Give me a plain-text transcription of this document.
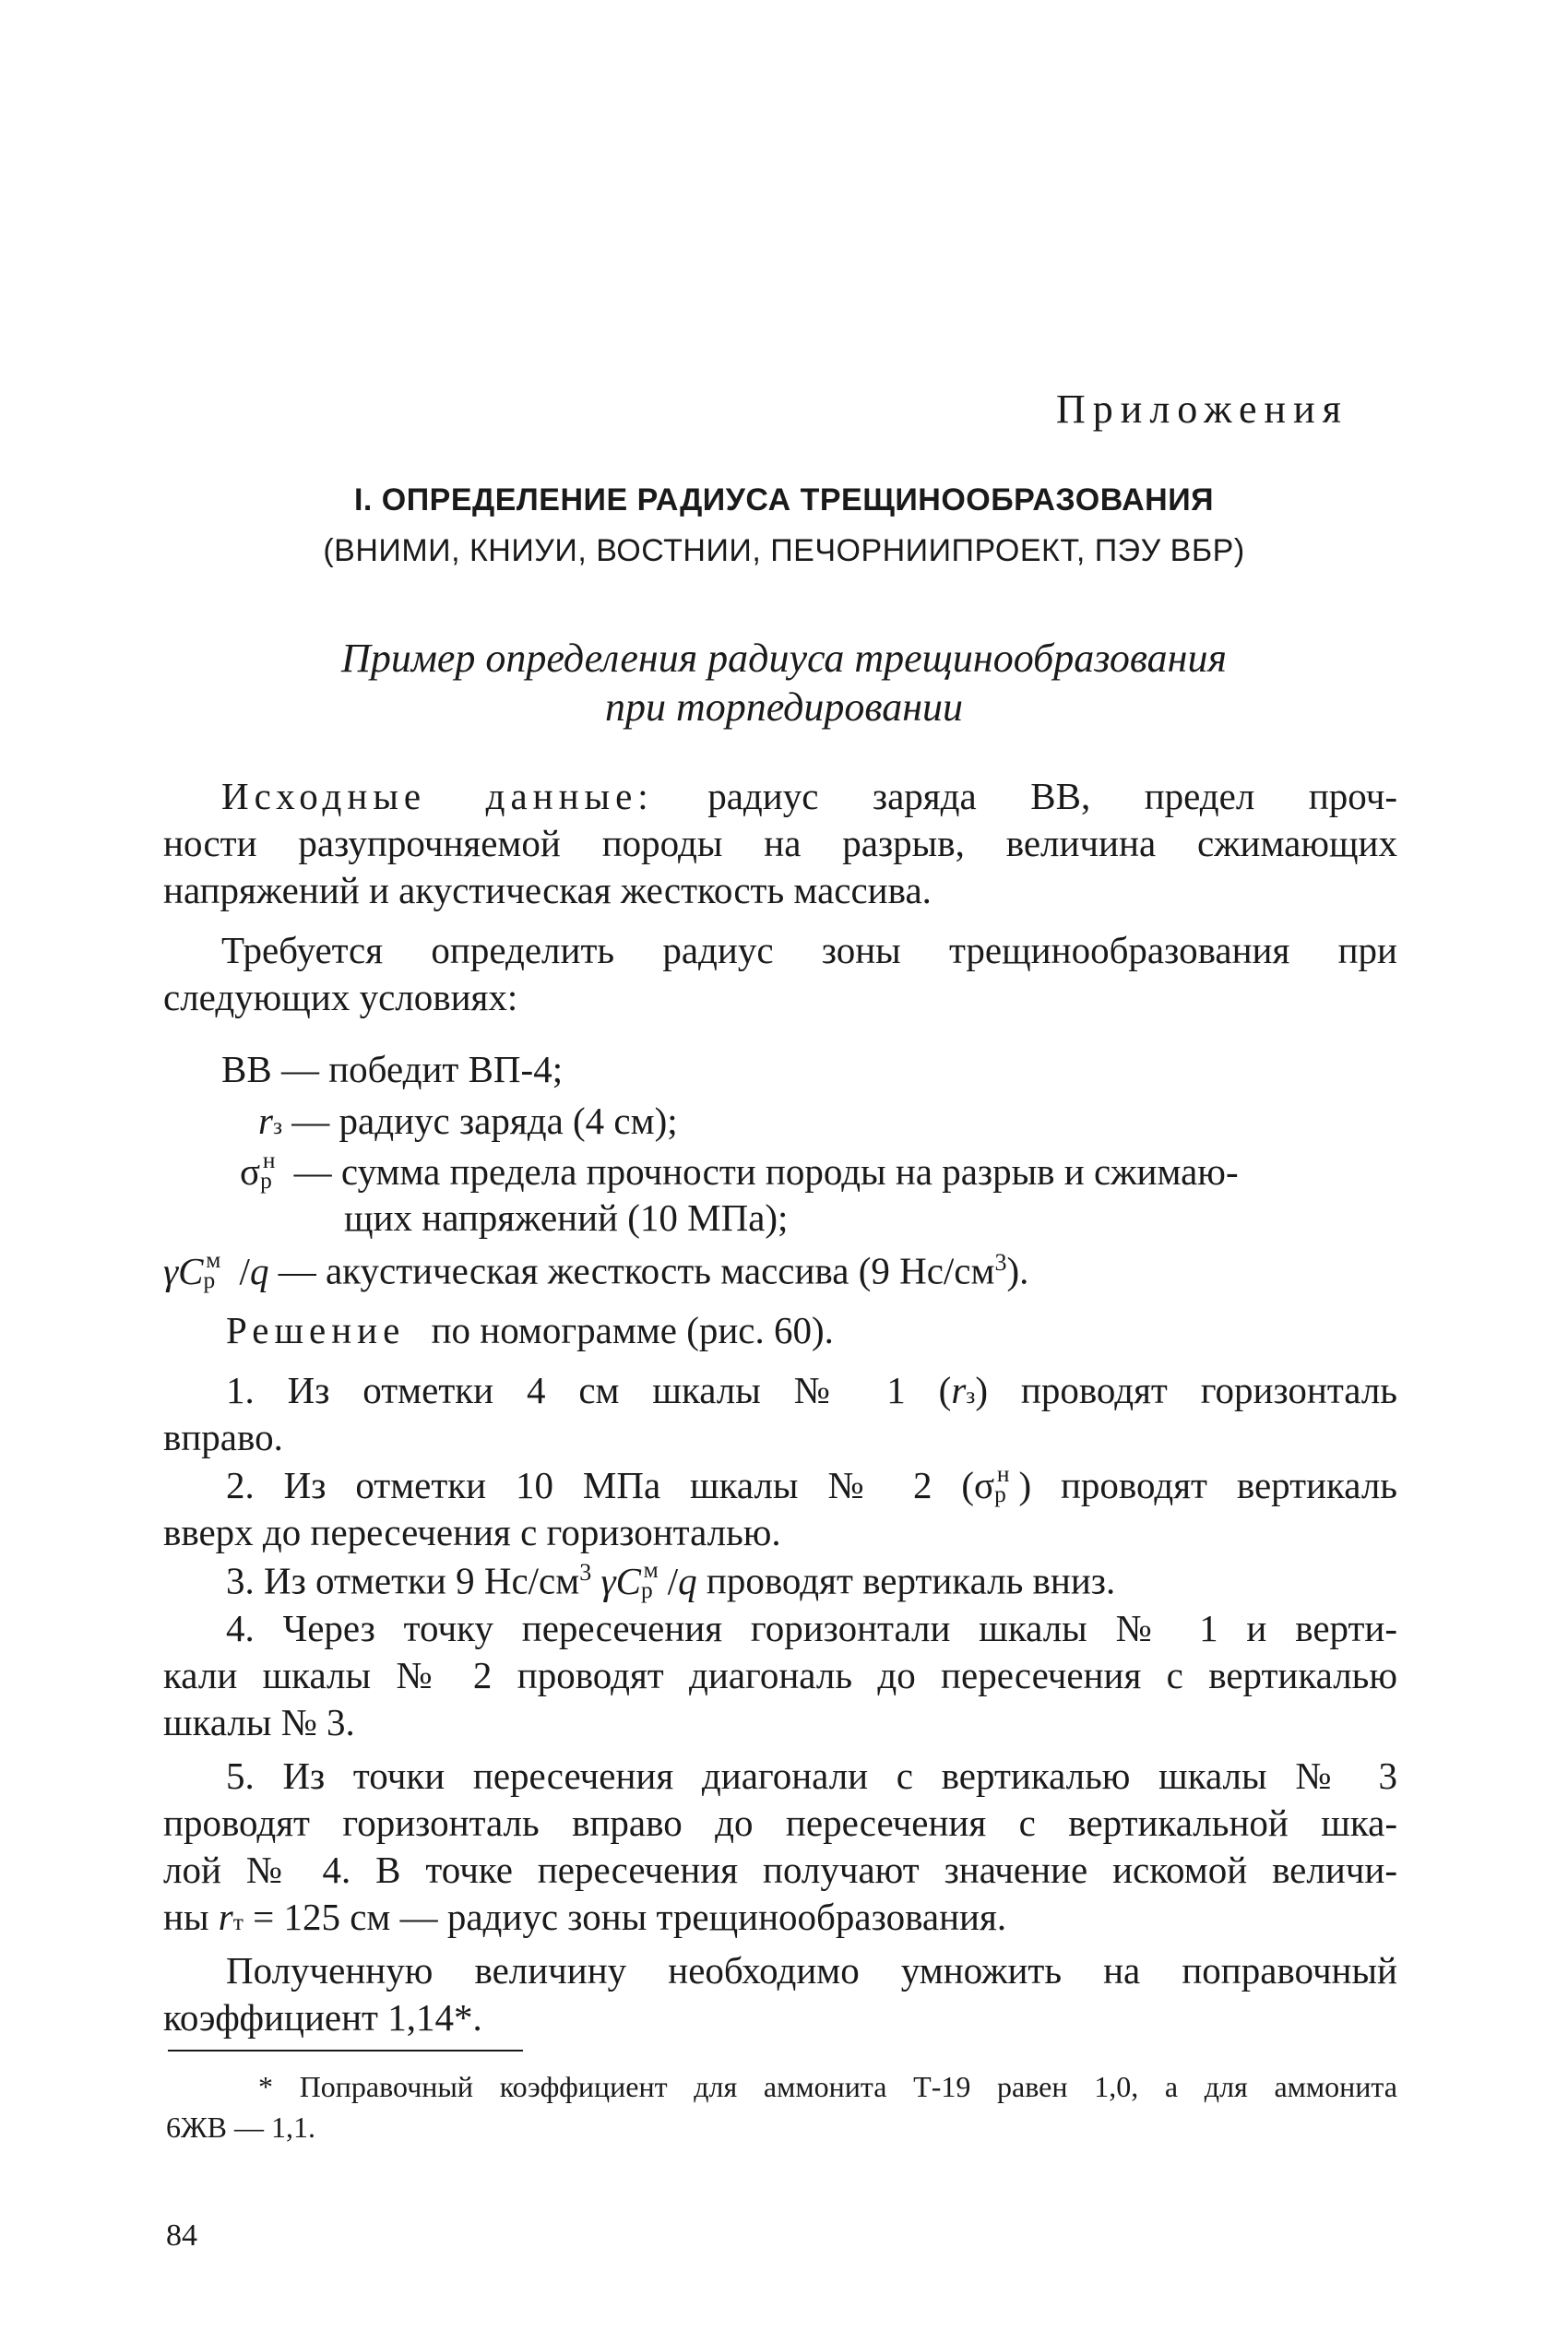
Приложения
I. ОПРЕДЕЛЕНИЕ РАДИУСА ТРЕЩИНООБРАЗОВАНИЯ
(ВНИМИ, КНИУИ, ВОСТНИИ, ПЕЧОРНИИПРОЕКТ, ПЭУ ВБР)
Пример определения радиуса трещинообразования
при торпедировании
Исходные данные: радиус заряда ВВ, предел проч-
ности разупрочняемой породы на разрыв, величина сжимающих
напряжений и акустическая жесткость массива.
Требуется определить радиус зоны трещинообразования при
следующих условиях:
ВВ — победит ВП-4;
rз — радиус заряда (4 см);
$\sigma р^н$ — сумма предела прочности породы на разрыв и сжимаю-
щих напряжений (10 МПа);
γCр$^м$ /q — акустическая жесткость массива (9 $Нс/см^3$).
Решение по номограмме (рис. 60).
1. Из отметки 4 см шкалы № 1 (rз) проводят горизонталь
вправо.
2. Из отметки 10 МПа шкалы № 2 ($\sigma р^н$ ) проводят вертикаль
вверх до пересечения с горизонталью.
3. Из отметки 9 $Нс/см^3$ γCр$^м$ /q проводят вертикаль вниз.
4. Через точку пересечения горизонтали шкалы № 1 и верти-
кали шкалы № 2 проводят диагональ до пересечения с вертикалью
шкалы № 3.
5. Из точки пересечения диагонали с вертикалью шкалы № 3
проводят горизонталь вправо до пересечения с вертикальной шка-
лой № 4. В точке пересечения получают значение искомой величи-
ны rт = 125 см — радиус зоны трещинообразования.
Полученную величину необходимо умножить на поправочный
коэффициент 1,14*.
* Поправочный коэффициент для аммонита Т-19 равен 1,0, а для аммонита
6ЖВ — 1,1.
84
